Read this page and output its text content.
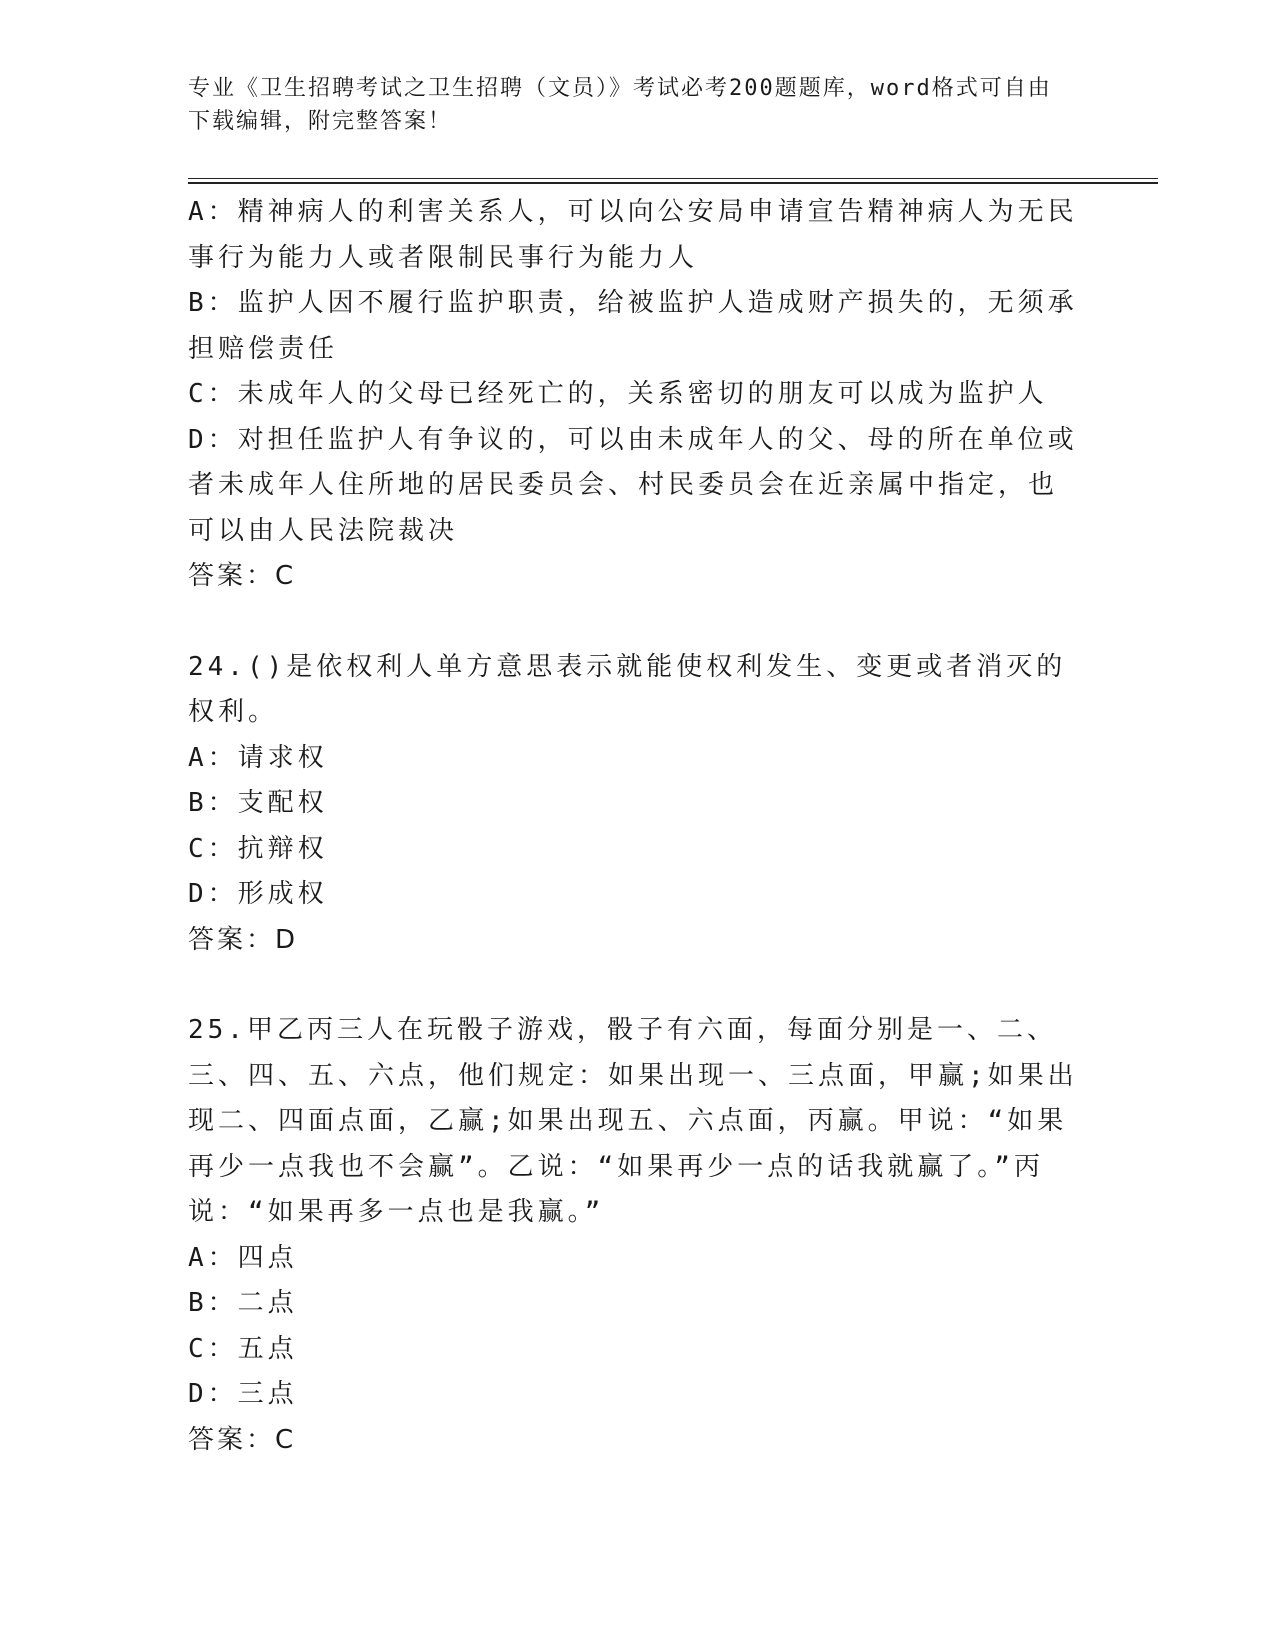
专业《卫生招聘考试之卫生招聘（文员）》考试必考200题题库，word格式可自由下载编辑，附完整答案！
A：精神病人的利害关系人，可以向公安局申请宣告精神病人为无民事行为能力人或者限制民事行为能力人
B：监护人因不履行监护职责，给被监护人造成财产损失的，无须承担赔偿责任
C：未成年人的父母已经死亡的，关系密切的朋友可以成为监护人
D：对担任监护人有争议的，可以由未成年人的父、母的所在单位或者未成年人住所地的居民委员会、村民委员会在近亲属中指定，也可以由人民法院裁决
答案：C
24.()是依权利人单方意思表示就能使权利发生、变更或者消灭的权利。
A：请求权
B：支配权
C：抗辩权
D：形成权
答案：D
25.甲乙丙三人在玩骰子游戏，骰子有六面，每面分别是一、二、三、四、五、六点，他们规定：如果出现一、三点面，甲赢;如果出现二、四面点面，乙赢;如果出现五、六点面，丙赢。甲说：“如果再少一点我也不会赢”。乙说：“如果再少一点的话我就赢了。”丙说：“如果再多一点也是我赢。”
A：四点
B：二点
C：五点
D：三点
答案：C
